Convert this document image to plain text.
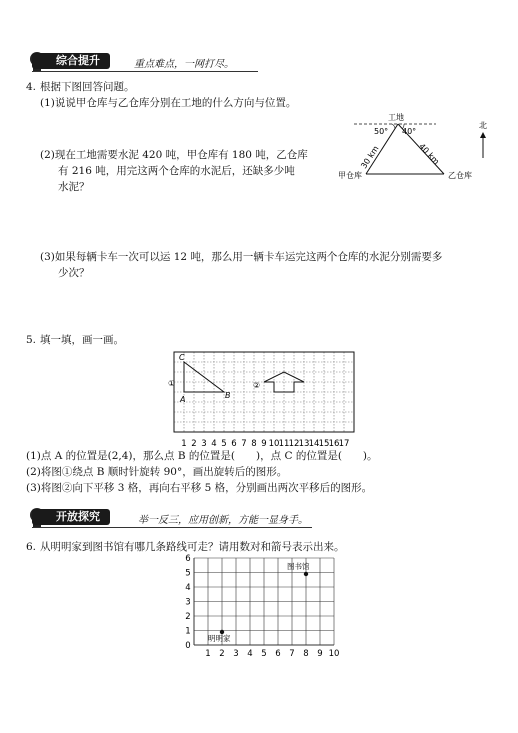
综合提升	重点难点，一网打尽。
4. 根据下图回答问题。
(1)说说甲仓库与乙仓库分别在工地的什么方向与位置。
(2)现在工地需要水泥 420 吨，甲仓库有 180 吨，乙仓库
有 216 吨，用完这两个仓库的水泥后，还缺多少吨
水泥？
(3)如果每辆卡车一次可以运 12 吨，那么用一辆卡车运完这两个仓库的水泥分别需要多
少次？
工地
50° 40°
30 km	40 km
甲仓库	乙仓库
北
5. 填一填，画一画。
C
A	B
①	②
1 2 3 4 5 6 7 8 9 10 11 12 13 14 15 16 17
(1)点 A 的位置是(2,4)，那么点 B 的位置是(　　)，点 C 的位置是(　　)。
(2)将图①绕点 B 顺时针旋转 90°，画出旋转后的图形。
(3)将图②向下平移 3 格，再向右平移 5 格，分别画出两次平移后的图形。
开放探究	举一反三，应用创新，方能一显身手。
6. 从明明家到图书馆有哪几条路线可走？请用数对和箭号表示出来。
0
1 2 3 4 5 6 7 8 9 10
1
2
3
4
5
6
图书馆
明明家
